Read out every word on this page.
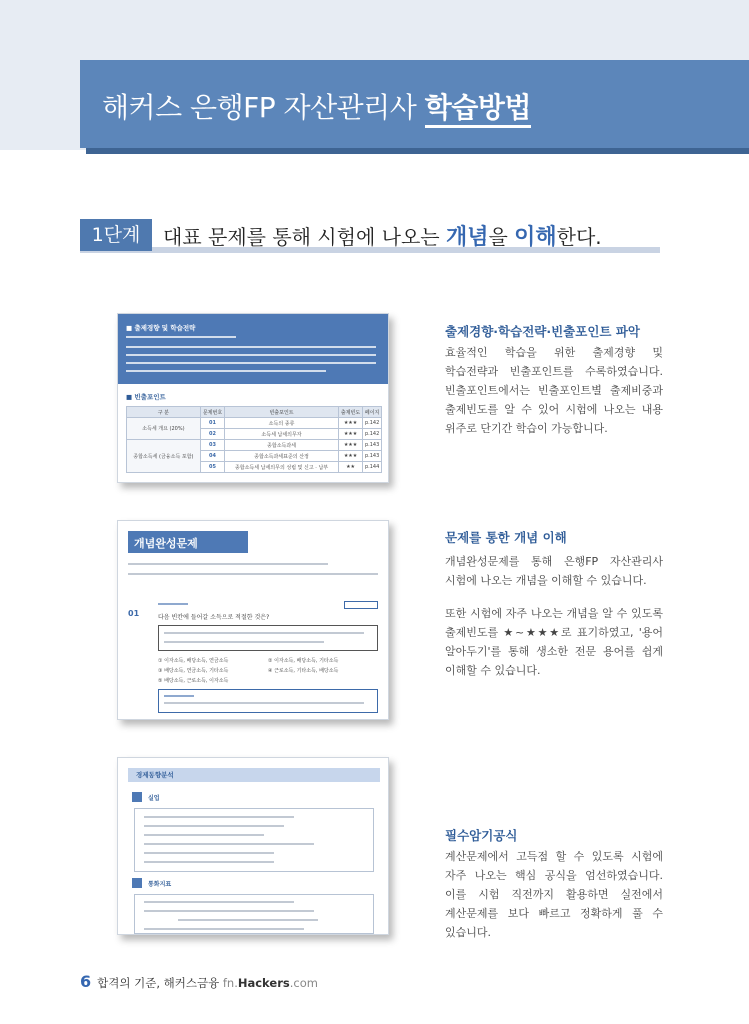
해커스 은행FP 자산관리사 학습방법
1단계	대표 문제를 통해 시험에 나오는 개념을 이해한다.
■ 출제경향 및 학습전략
■ 빈출포인트
구 분	문제번호	빈출포인트	출제빈도	페이지
소득세 개요 (20%)	01	소득의 종류	★★★	p.142
	02	소득세 납세의무자	★★★	p.142
종합소득세 (금융소득 포함)	03	종합소득과세	★★★	p.143
	04	종합소득과세표준의 산정	★★★	p.143
	05	종합소득세 납세의무의 성립 및 신고 · 납부	★★	p.144
개념완성문제
01	다음 빈칸에 들어갈 소득으로 적절한 것은?
① 이자소득, 배당소득, 연금소득	② 이자소득, 배당소득, 기타소득
③ 배당소득, 연금소득, 기타소득	④ 근로소득, 기타소득, 배당소득
⑤ 배당소득, 근로소득, 이자소득
경제동향분석
실업
통화지표
출제경향·학습전략·빈출포인트 파악
효율적인 학습을 위한 출제경향 및 학습전략과 빈출포인트를 수록하였습니다. 빈출포인트에서는 빈출포인트별 출제비중과 출제빈도를 알 수 있어 시험에 나오는 내용 위주로 단기간 학습이 가능합니다.
문제를 통한 개념 이해
개념완성문제를 통해 은행FP 자산관리사 시험에 나오는 개념을 이해할 수 있습니다.
또한 시험에 자주 나오는 개념을 알 수 있도록 출제빈도를 ★~★★★로 표기하였고, '용어 알아두기'를 통해 생소한 전문 용어를 쉽게 이해할 수 있습니다.
필수암기공식
계산문제에서 고득점 할 수 있도록 시험에 자주 나오는 핵심 공식을 엄선하였습니다. 이를 시험 직전까지 활용하면 실전에서 계산문제를 보다 빠르고 정확하게 풀 수 있습니다.
6 합격의 기준, 해커스금융 fn.Hackers.com
